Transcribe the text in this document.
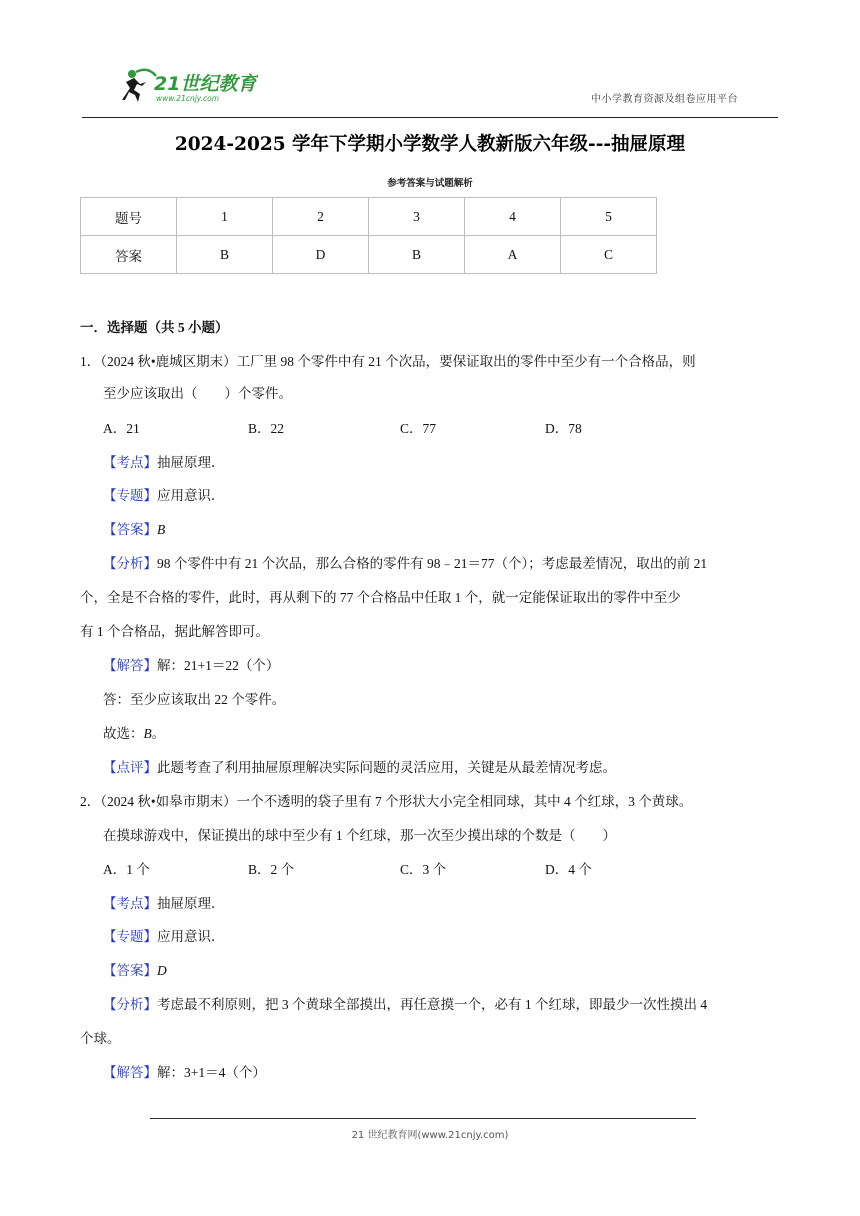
21世纪教育
www.21cnjy.com	中小学教育资源及组卷应用平台
2024-2025 学年下学期小学数学人教新版六年级---抽屉原理
参考答案与试题解析
题号	1	2	3	4	5
答案	B	D	B	A	C
一．选择题（共 5 小题）
1．（2024 秋•鹿城区期末）工厂里 98 个零件中有 21 个次品，要保证取出的零件中至少有一个合格品，则
至少应该取出（　　）个零件。
A．21	B．22	C．77	D．78
【考点】抽屉原理．
【专题】应用意识．
【答案】B
【分析】98 个零件中有 21 个次品，那么合格的零件有 98﹣21＝77（个）；考虑最差情况，取出的前 21
个，全是不合格的零件，此时，再从剩下的 77 个合格品中任取 1 个，就一定能保证取出的零件中至少
有 1 个合格品，据此解答即可。
【解答】解：21+1＝22（个）
答：至少应该取出 22 个零件。
故选：B。
【点评】此题考查了利用抽屉原理解决实际问题的灵活应用，关键是从最差情况考虑。
2．（2024 秋•如皋市期末）一个不透明的袋子里有 7 个形状大小完全相同球，其中 4 个红球，3 个黄球。
在摸球游戏中，保证摸出的球中至少有 1 个红球，那一次至少摸出球的个数是（　　）
A．1 个	B．2 个	C．3 个	D．4 个
【考点】抽屉原理．
【专题】应用意识．
【答案】D
【分析】考虑最不利原则，把 3 个黄球全部摸出，再任意摸一个，必有 1 个红球，即最少一次性摸出 4
个球。
【解答】解：3+1＝4（个）
21 世纪教育网(www.21cnjy.com)
